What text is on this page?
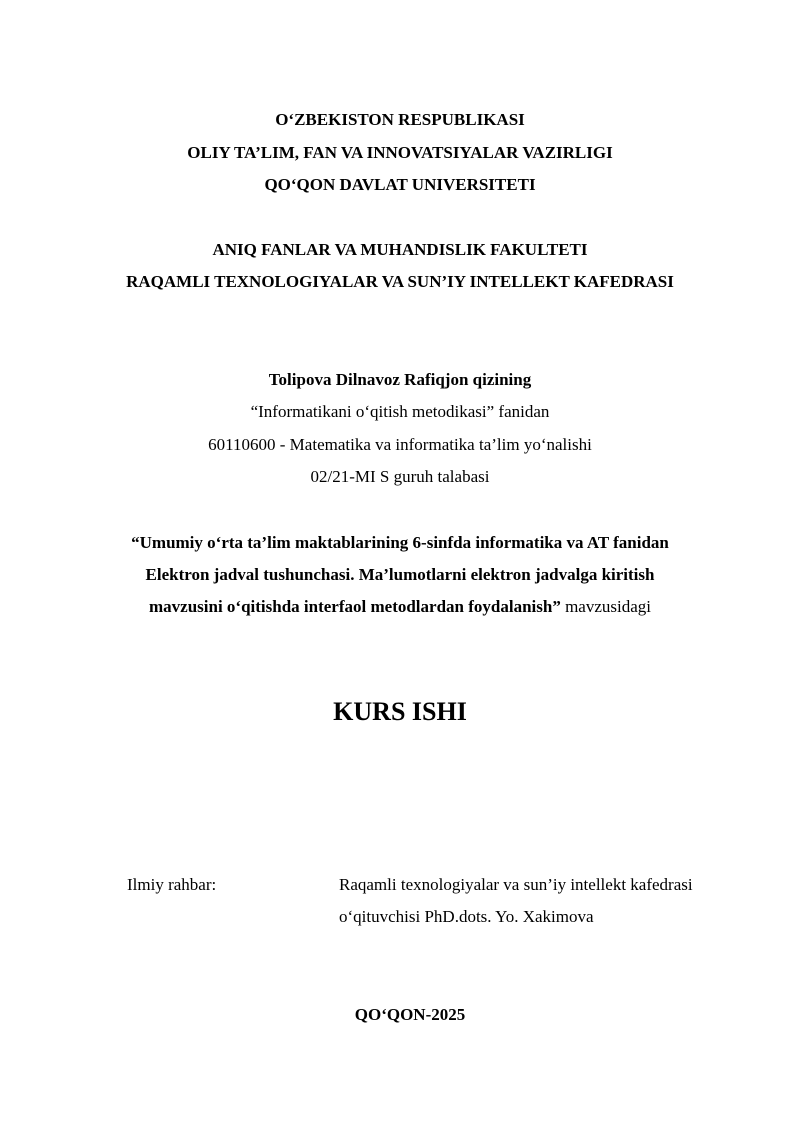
O‘ZBEKISTON RESPUBLIKASI
OLIY TA’LIM, FAN VA INNOVATSIYALAR VAZIRLIGI
QO‘QON DAVLAT UNIVERSITETI
ANIQ FANLAR VA MUHANDISLIK FAKULTETI
RAQAMLI TEXNOLOGIYALAR VA SUN’IY INTELLEKT KAFEDRASI
Tolipova Dilnavoz Rafiqjon qizining
“Informatikani o‘qitish metodikasi” fanidan
60110600 - Matematika va informatika ta’lim yo‘nalishi
02/21-MI S guruh talabasi
“Umumiy o‘rta ta’lim maktablarining 6-sinfda informatika va AT fanidan
Elektron jadval tushunchasi. Ma’lumotlarni elektron jadvalga kiritish
mavzusini o‘qitishda interfaol metodlardan foydalanish” mavzusidagi
KURS ISHI
Ilmiy rahbar:	Raqamli texnologiyalar va sun’iy intellekt kafedrasi
o‘qituvchisi PhD.dots. Yo. Xakimova
QO‘QON-2025
